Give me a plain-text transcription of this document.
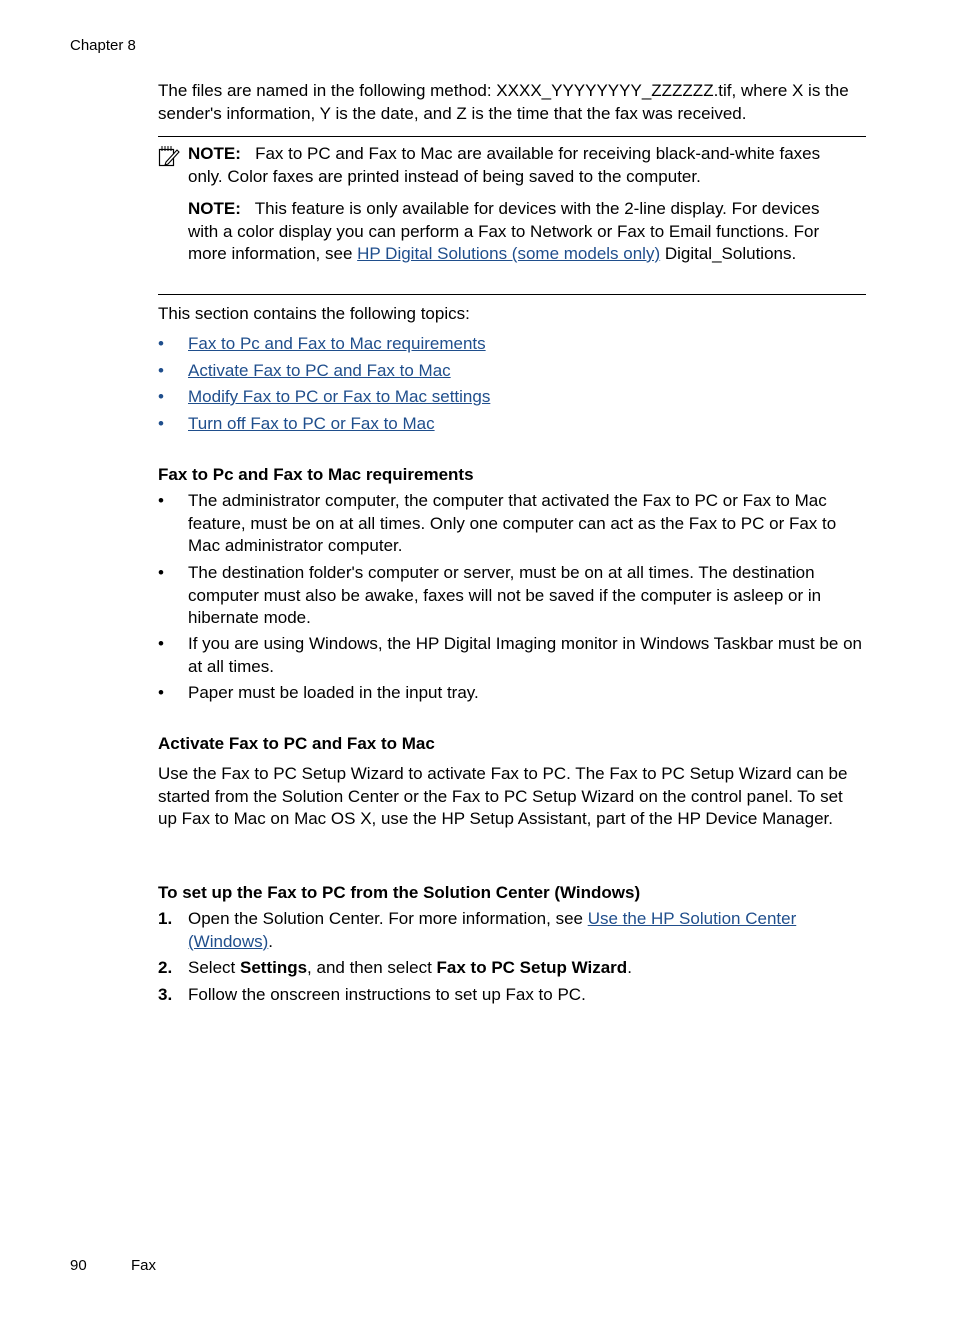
Chapter 8
The files are named in the following method: XXXX_YYYYYYYY_ZZZZZZ.tif, where X is the sender's information, Y is the date, and Z is the time that the fax was received.
NOTE: Fax to PC and Fax to Mac are available for receiving black-and-white faxes only. Color faxes are printed instead of being saved to the computer.
NOTE: This feature is only available for devices with the 2-line display. For devices with a color display you can perform a Fax to Network or Fax to Email functions. For more information, see HP Digital Solutions (some models only) Digital_Solutions.
This section contains the following topics:
• Fax to Pc and Fax to Mac requirements
• Activate Fax to PC and Fax to Mac
• Modify Fax to PC or Fax to Mac settings
• Turn off Fax to PC or Fax to Mac
Fax to Pc and Fax to Mac requirements
• The administrator computer, the computer that activated the Fax to PC or Fax to Mac feature, must be on at all times. Only one computer can act as the Fax to PC or Fax to Mac administrator computer.
• The destination folder's computer or server, must be on at all times. The destination computer must also be awake, faxes will not be saved if the computer is asleep or in hibernate mode.
• If you are using Windows, the HP Digital Imaging monitor in Windows Taskbar must be on at all times.
• Paper must be loaded in the input tray.
Activate Fax to PC and Fax to Mac
Use the Fax to PC Setup Wizard to activate Fax to PC. The Fax to PC Setup Wizard can be started from the Solution Center or the Fax to PC Setup Wizard on the control panel. To set up Fax to Mac on Mac OS X, use the HP Setup Assistant, part of the HP Device Manager.
To set up the Fax to PC from the Solution Center (Windows)
1. Open the Solution Center. For more information, see Use the HP Solution Center (Windows).
2. Select Settings, and then select Fax to PC Setup Wizard.
3. Follow the onscreen instructions to set up Fax to PC.
90	Fax
